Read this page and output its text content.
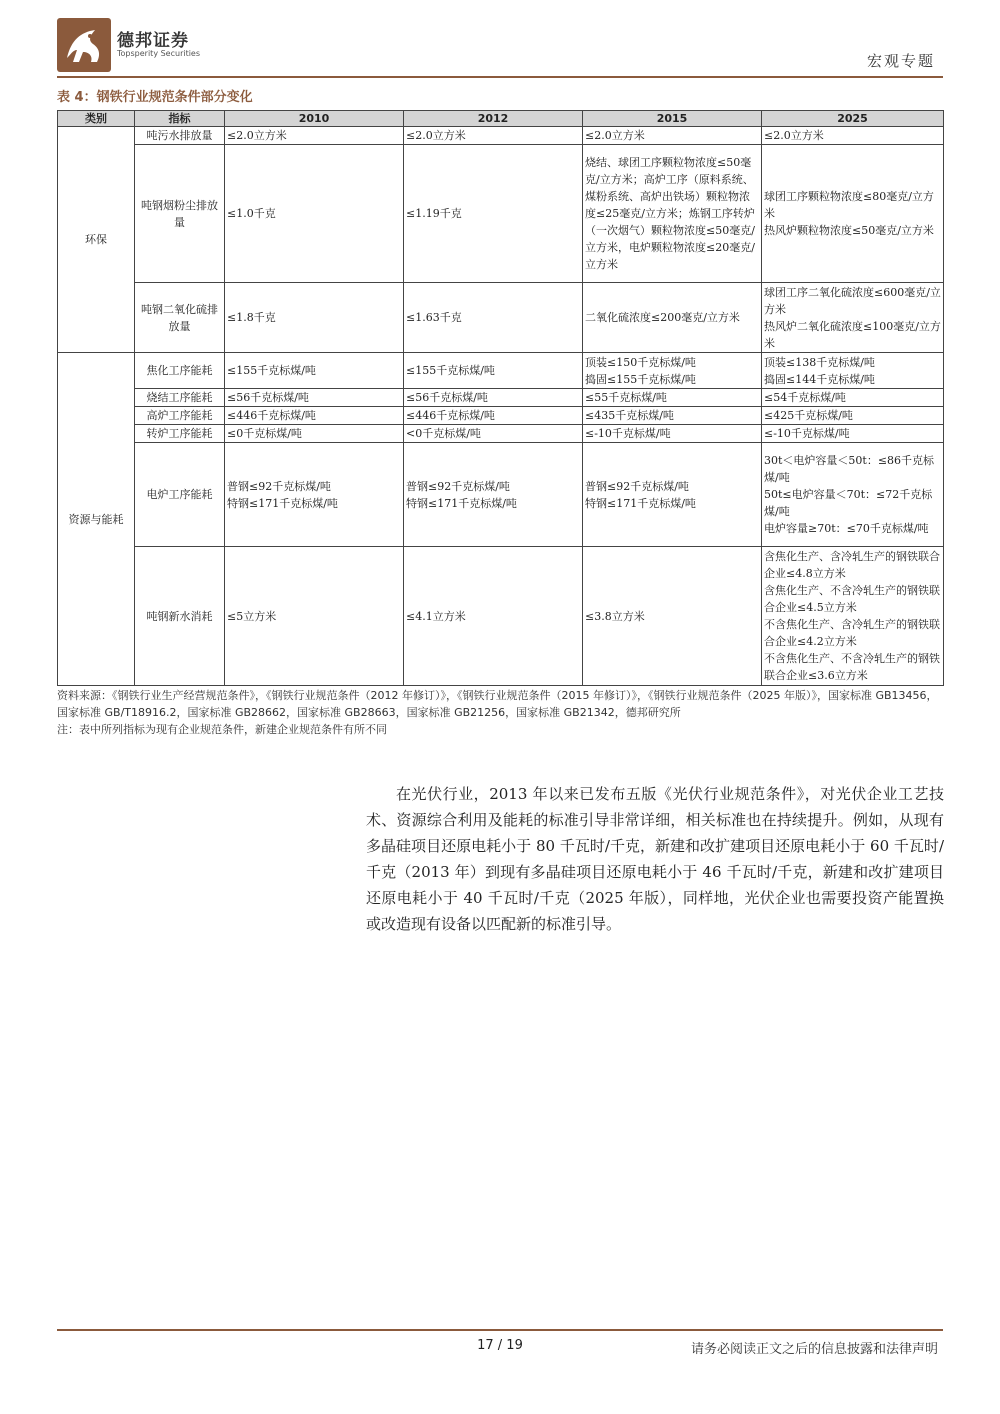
德邦证券
Topsperity Securities	宏观专题
表 4：钢铁行业规范条件部分变化
类别	指标	2010	2012	2015	2025
环保	吨污水排放量	≤2.0立方米	≤2.0立方米	≤2.0立方米	≤2.0立方米
	吨钢烟粉尘排放量	≤1.0千克	≤1.19千克	烧结、球团工序颗粒物浓度≤50毫克/立方米；高炉工序（原料系统、煤粉系统、高炉出铁场）颗粒物浓度≤25毫克/立方米；炼钢工序转炉（一次烟气）颗粒物浓度≤50毫克/立方米，电炉颗粒物浓度≤20毫克/立方米	球团工序颗粒物浓度≤80毫克/立方米
热风炉颗粒物浓度≤50毫克/立方米
	吨钢二氧化硫排放量	≤1.8千克	≤1.63千克	二氧化硫浓度≤200毫克/立方米	球团工序二氧化硫浓度≤600毫克/立方米
热风炉二氧化硫浓度≤100毫克/立方米
资源与能耗	焦化工序能耗	≤155千克标煤/吨	≤155千克标煤/吨	顶装≤150千克标煤/吨
捣固≤155千克标煤/吨	顶装≤138千克标煤/吨
捣固≤144千克标煤/吨
	烧结工序能耗	≤56千克标煤/吨	≤56千克标煤/吨	≤55千克标煤/吨	≤54千克标煤/吨
	高炉工序能耗	≤446千克标煤/吨	≤446千克标煤/吨	≤435千克标煤/吨	≤425千克标煤/吨
	转炉工序能耗	≤0千克标煤/吨	<0千克标煤/吨	≤-10千克标煤/吨	≤-10千克标煤/吨
	电炉工序能耗	普钢≤92千克标煤/吨
特钢≤171千克标煤/吨	普钢≤92千克标煤/吨
特钢≤171千克标煤/吨	普钢≤92千克标煤/吨
特钢≤171千克标煤/吨	30t＜电炉容量＜50t：≤86千克标煤/吨
50t≤电炉容量＜70t：≤72千克标煤/吨
电炉容量≥70t：≤70千克标煤/吨
	吨钢新水消耗	≤5立方米	≤4.1立方米	≤3.8立方米	含焦化生产、含冷轧生产的钢铁联合企业≤4.8立方米
含焦化生产、不含冷轧生产的钢铁联合企业≤4.5立方米
不含焦化生产、含冷轧生产的钢铁联合企业≤4.2立方米
不含焦化生产、不含冷轧生产的钢铁联合企业≤3.6立方米
资料来源：《钢铁行业生产经营规范条件》，《钢铁行业规范条件（2012 年修订）》，《钢铁行业规范条件（2015 年修订）》，《钢铁行业规范条件（2025 年版）》，国家标准 GB13456，国家标准 GB/T18916.2，国家标准 GB28662，国家标准 GB28663，国家标准 GB21256，国家标准 GB21342，德邦研究所
注：表中所列指标为现有企业规范条件，新建企业规范条件有所不同
在光伏行业，2013 年以来已发布五版《光伏行业规范条件》，对光伏企业工艺技术、资源综合利用及能耗的标准引导非常详细，相关标准也在持续提升。例如，从现有多晶硅项目还原电耗小于 80 千瓦时/千克，新建和改扩建项目还原电耗小于 60 千瓦时/千克（2013 年）到现有多晶硅项目还原电耗小于 46 千瓦时/千克，新建和改扩建项目还原电耗小于 40 千瓦时/千克（2025 年版），同样地，光伏企业也需要投资产能置换或改造现有设备以匹配新的标准引导。
17 / 19	请务必阅读正文之后的信息披露和法律声明
